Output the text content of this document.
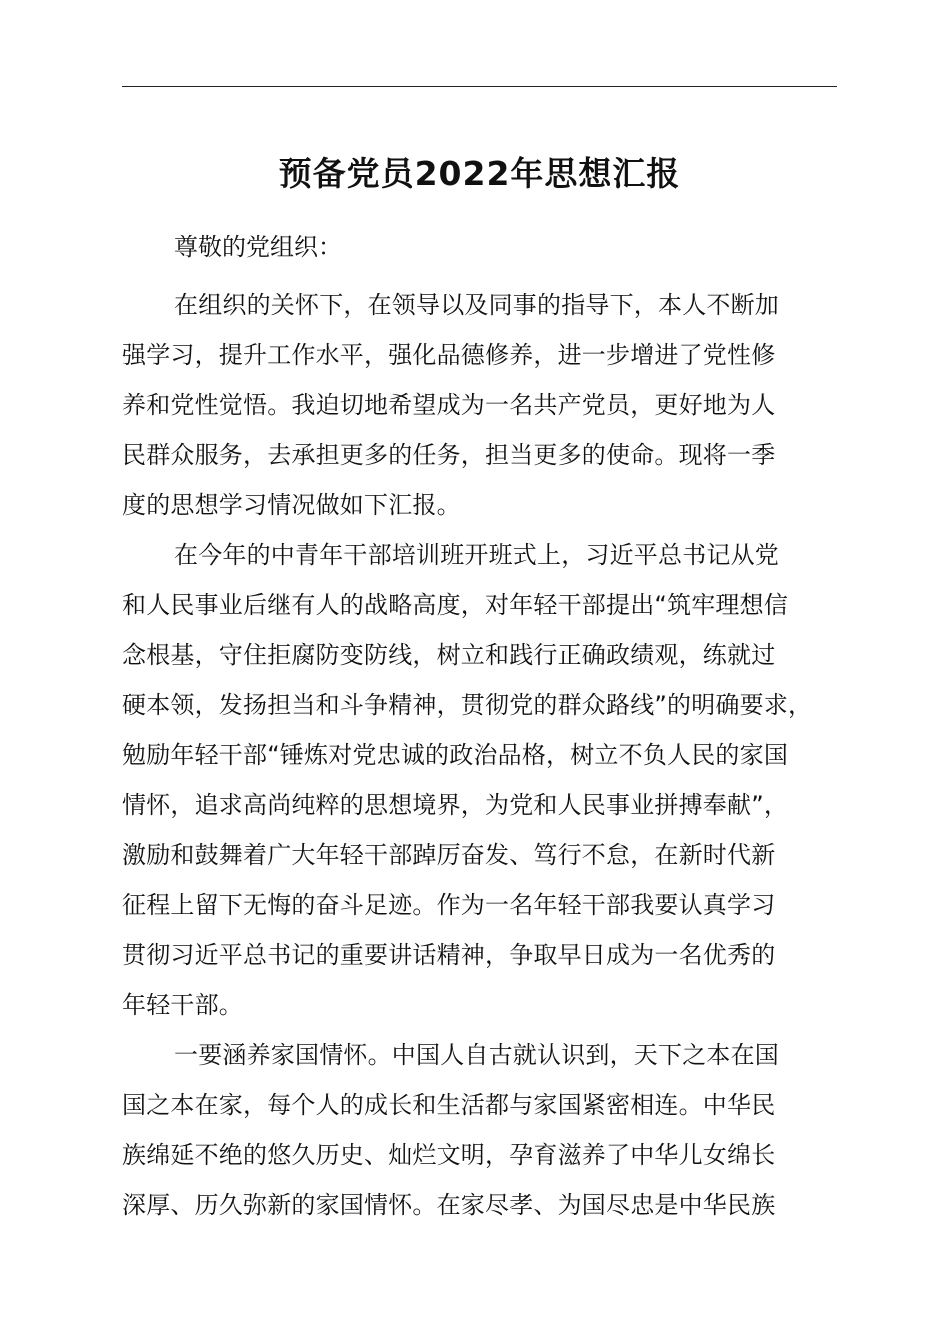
预备党员2022年思想汇报

尊敬的党组织：

在组织的关怀下，在领导以及同事的指导下，本人不断加
强学习，提升工作水平，强化品德修养，进一步增进了党性修
养和党性觉悟。我迫切地希望成为一名共产党员，更好地为人
民群众服务，去承担更多的任务，担当更多的使命。现将一季
度的思想学习情况做如下汇报。

在今年的中青年干部培训班开班式上，习近平总书记从党
和人民事业后继有人的战略高度，对年轻干部提出“筑牢理想信
念根基，守住拒腐防变防线，树立和践行正确政绩观，练就过
硬本领，发扬担当和斗争精神，贯彻党的群众路线”的明确要求，
勉励年轻干部“锤炼对党忠诚的政治品格，树立不负人民的家国
情怀，追求高尚纯粹的思想境界，为党和人民事业拼搏奉献”，
激励和鼓舞着广大年轻干部踔厉奋发、笃行不怠，在新时代新
征程上留下无悔的奋斗足迹。作为一名年轻干部我要认真学习
贯彻习近平总书记的重要讲话精神，争取早日成为一名优秀的
年轻干部。

一要涵养家国情怀。中国人自古就认识到，天下之本在国
国之本在家，每个人的成长和生活都与家国紧密相连。中华民
族绵延不绝的悠久历史、灿烂文明，孕育滋养了中华儿女绵长
深厚、历久弥新的家国情怀。在家尽孝、为国尽忠是中华民族
